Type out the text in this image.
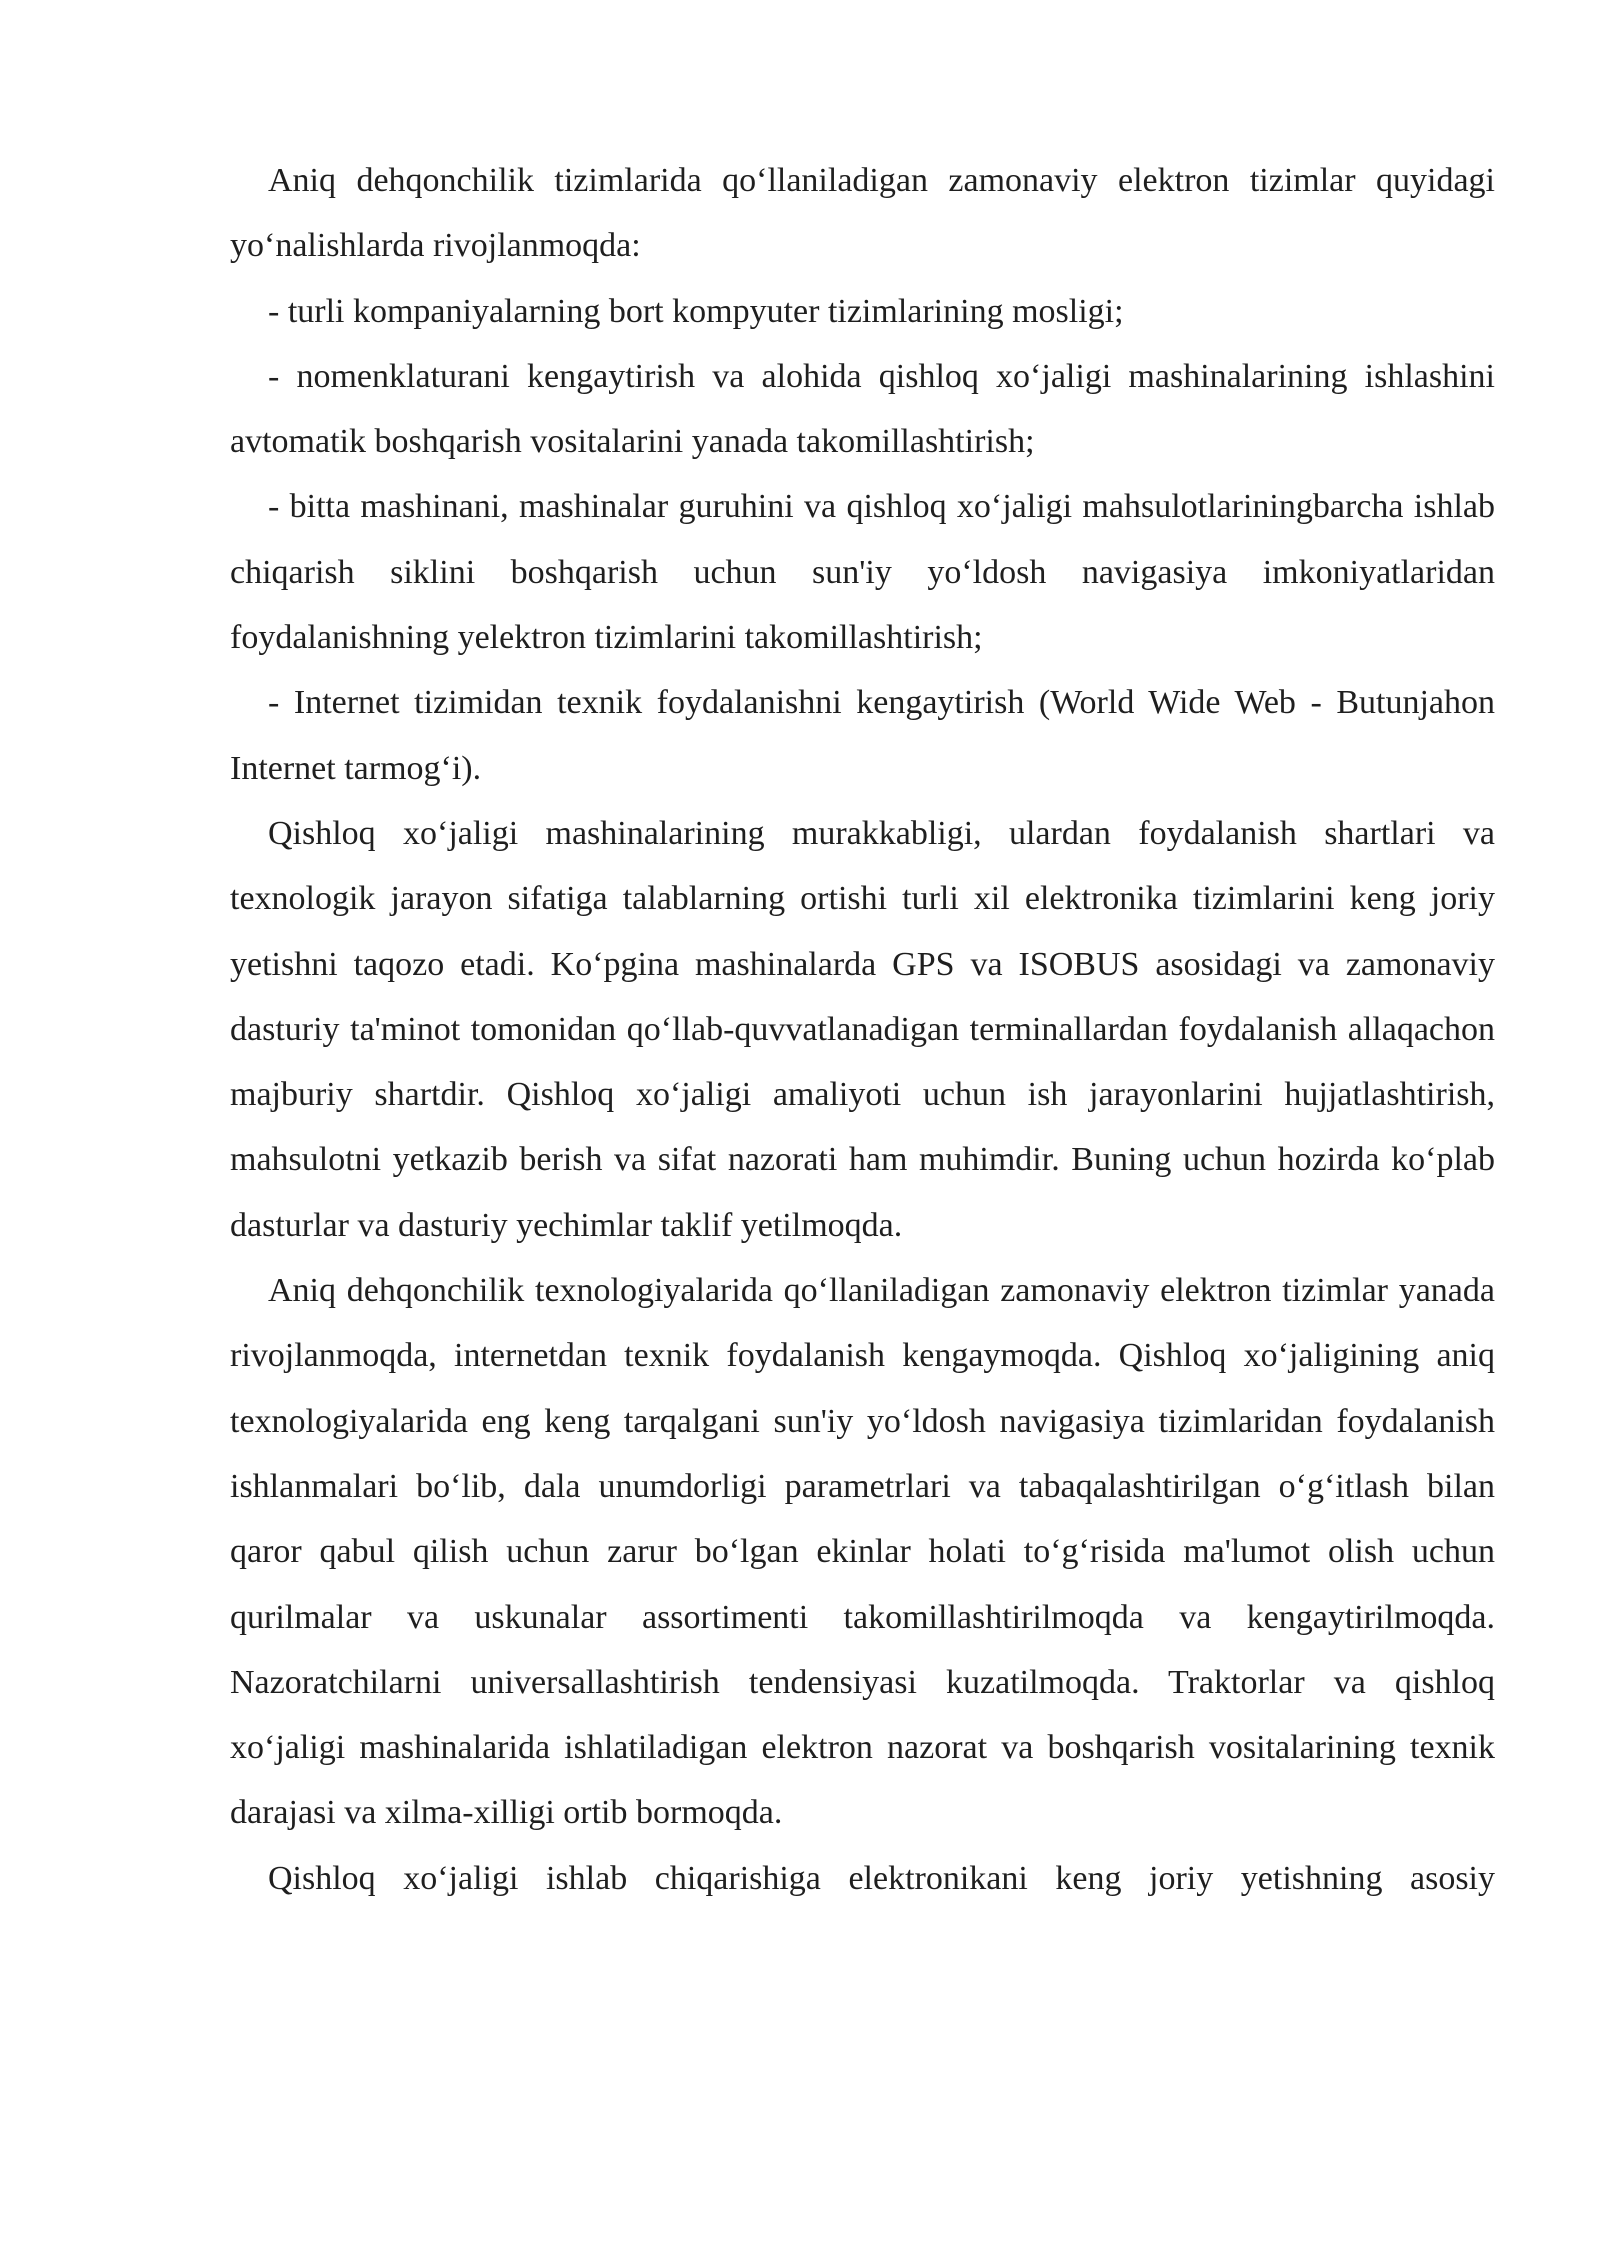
Aniq dehqonchilik tizimlarida qo‘llaniladigan zamonaviy elektron tizimlar quyidagi yo‘nalishlarda rivojlanmoqda:

- turli kompaniyalarning bort kompyuter tizimlarining mosligi;

- nomenklaturani kengaytirish va alohida qishloq xo‘jaligi mashinalarining ishlashini avtomatik boshqarish vositalarini yanada takomillashtirish;

- bitta mashinani, mashinalar guruhini va qishloq xo‘jaligi mahsulotlariningbarcha ishlab chiqarish siklini boshqarish uchun sun'iy yo‘ldosh navigasiya imkoniyatlaridan foydalanishning yelektron tizimlarini takomillashtirish;

- Internet tizimidan texnik foydalanishni kengaytirish (World Wide Web - Butunjahon Internet tarmog‘i).

Qishloq xo‘jaligi mashinalarining murakkabligi, ulardan foydalanish shartlari va texnologik jarayon sifatiga talablarning ortishi turli xil elektronika tizimlarini keng joriy yetishni taqozo etadi. Ko‘pgina mashinalarda GPS va ISOBUS asosidagi va zamonaviy dasturiy ta'minot tomonidan qo‘llab-quvvatlanadigan terminallardan foydalanish allaqachon majburiy shartdir. Qishloq xo‘jaligi amaliyoti uchun ish jarayonlarini hujjatlashtirish, mahsulotni yetkazib berish va sifat nazorati ham muhimdir. Buning uchun hozirda ko‘plab dasturlar va dasturiy yechimlar taklif yetilmoqda.

Aniq dehqonchilik texnologiyalarida qo‘llaniladigan zamonaviy elektron tizimlar yanada rivojlanmoqda, internetdan texnik foydalanish kengaymoqda. Qishloq xo‘jaligining aniq texnologiyalarida eng keng tarqalgani sun'iy yo‘ldosh navigasiya tizimlaridan foydalanish ishlanmalari bo‘lib, dala unumdorligi parametrlari va tabaqalashtirilgan o‘g‘itlash bilan qaror qabul qilish uchun zarur bo‘lgan ekinlar holati to‘g‘risida ma'lumot olish uchun qurilmalar va uskunalar assortimenti takomillashtirilmoqda va kengaytirilmoqda. Nazoratchilarni universallashtirish tendensiyasi kuzatilmoqda. Traktorlar va qishloq xo‘jaligi mashinalarida ishlatiladigan elektron nazorat va boshqarish vositalarining texnik darajasi va xilma-xilligi ortib bormoqda.

Qishloq xo‘jaligi ishlab chiqarishiga elektronikani keng joriy yetishning asosiy
